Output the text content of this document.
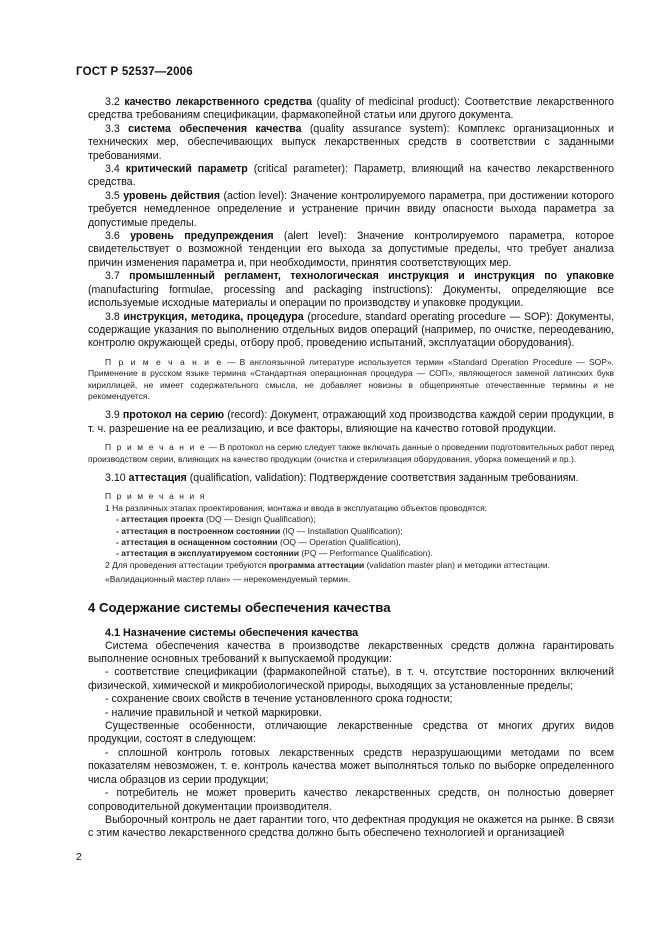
ГОСТ Р 52537—2006

3.2 качество лекарственного средства (quality of medicinal product): Соответствие лекарственного средства требованиям спецификации, фармакопейной статьи или другого документа.

3.3 система обеспечения качества (quality assurance system): Комплекс организационных и технических мер, обеспечивающих выпуск лекарственных средств в соответствии с заданными требованиями.

3.4 критический параметр (critical parameter): Параметр, влияющий на качество лекарственного средства.

3.5 уровень действия (action level): Значение контролируемого параметра, при достижении которого требуется немедленное определение и устранение причин ввиду опасности выхода параметра за допустимые пределы.

3.6 уровень предупреждения (alert level): Значение контролируемого параметра, которое свидетельствует о возможной тенденции его выхода за допустимые пределы, что требует анализа причин изменения параметра и, при необходимости, принятия соответствующих мер.

3.7 промышленный регламент, технологическая инструкция и инструкция по упаковке (manufacturing formulae, processing and packaging instructions): Документы, определяющие все используемые исходные материалы и операции по производству и упаковке продукции.

3.8 инструкция, методика, процедура (procedure, standard operating procedure — SOP): Документы, содержащие указания по выполнению отдельных видов операций (например, по очистке, переодеванию, контролю окружающей среды, отбору проб, проведению испытаний, эксплуатации оборудования).

П р и м е ч а н и е — В англоязычной литературе используется термин «Standard Operation Procedure — SOP». Применение в русском языке термина «Стандартная операционная процедура — СОП», являющегося заменой латинских букв кириллицей, не имеет содержательного смысла, не добавляет новизны в общепринятые отечественные термины и не рекомендуется.

3.9 протокол на серию (record): Документ, отражающий ход производства каждой серии продукции, в т. ч. разрешение на ее реализацию, и все факторы, влияющие на качество готовой продукции.

П р и м е ч а н и е — В протокол на серию следует также включать данные о проведении подготовительных работ перед производством серии, влияющих на качество продукции (очистка и стерилизация оборудования, уборка помещений и пр.).

3.10 аттестация (qualification, validation): Подтверждение соответствия заданным требованиям.

П р и м е ч а н и я

1 На различных этапах проектирования, монтажа и ввода в эксплуатацию объектов проводятся:

- аттестация проекта (DQ — Design Qualification);

- аттестация в построенном состоянии (IQ — Installation Qualification);

- аттестация в оснащенном состоянии (OQ — Operation Qualification),

- аттестация в эксплуатируемом состоянии (PQ — Performance Qualification).

2 Для проведения аттестации требуются программа аттестации (validation master plan) и методики аттестации.

«Валидационный мастер план» — нерекомендуемый термин.

4 Содержание системы обеспечения качества
4.1 Назначение системы обеспечения качества

Система обеспечения качества в производстве лекарственных средств должна гарантировать выполнение основных требований к выпускаемой продукции:

- соответствие спецификации (фармакопейной статье), в т. ч. отсутствие посторонних включений физической, химической и микробиологической природы, выходящих за установленные пределы;

- сохранение своих свойств в течение установленного срока годности;

- наличие правильной и четкой маркировки.

Существенные особенности, отличающие лекарственные средства от многих других видов продукции, состоят в следующем:

- сплошной контроль готовых лекарственных средств неразрушающими методами по всем показателям невозможен, т. е. контроль качества может выполняться только по выборке определенного числа образцов из серии продукции;

- потребитель не может проверить качество лекарственных средств, он полностью доверяет сопроводительной документации производителя.

Выборочный контроль не дает гарантии того, что дефектная продукция не окажется на рынке. В связи с этим качество лекарственного средства должно быть обеспечено технологией и организацией

2
